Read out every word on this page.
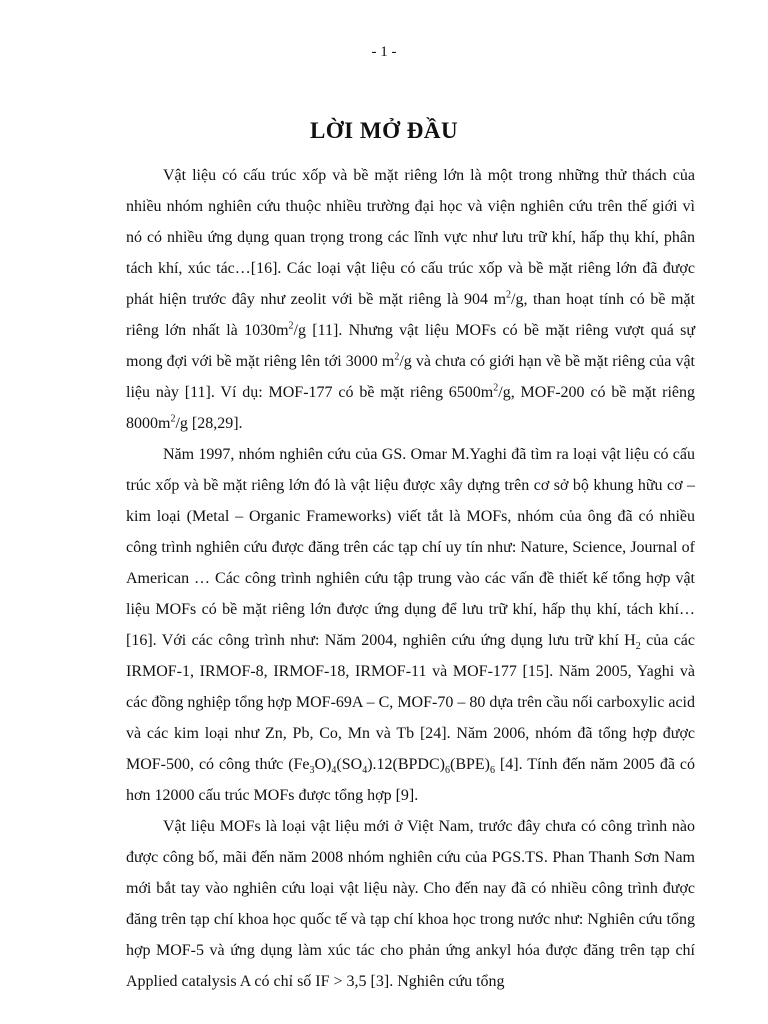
- 1 -
LỜI MỞ ĐẦU

Vật liệu có cấu trúc xốp và bề mặt riêng lớn là một trong những thử thách của nhiều nhóm nghiên cứu thuộc nhiều trường đại học và viện nghiên cứu trên thế giới vì nó có nhiều ứng dụng quan trọng trong các lĩnh vực như lưu trữ khí, hấp thụ khí, phân tách khí, xúc tác…[16]. Các loại vật liệu có cấu trúc xốp và bề mặt riêng lớn đã được phát hiện trước đây như zeolit với bề mặt riêng là 904 $m^2/g$, than hoạt tính có bề mặt riêng lớn nhất là $1030m^2/g$ [11]. Nhưng vật liệu MOFs có bề mặt riêng vượt quá sự mong đợi với bề mặt riêng lên tới 3000 $m^2/g$ và chưa có giới hạn về bề mặt riêng của vật liệu này [11]. Ví dụ: MOF-177 có bề mặt riêng $6500m^2/g$, MOF-200 có bề mặt riêng $8000m^2/g$ [28,29].

Năm 1997, nhóm nghiên cứu của GS. Omar M.Yaghi đã tìm ra loại vật liệu có cấu trúc xốp và bề mặt riêng lớn đó là vật liệu được xây dựng trên cơ sở bộ khung hữu cơ – kim loại (Metal – Organic Frameworks) viết tắt là MOFs, nhóm của ông đã có nhiều công trình nghiên cứu được đăng trên các tạp chí uy tín như: Nature, Science, Journal of American … Các công trình nghiên cứu tập trung vào các vấn đề thiết kế tổng hợp vật liệu MOFs có bề mặt riêng lớn được ứng dụng để lưu trữ khí, hấp thụ khí, tách khí… [16]. Với các công trình như: Năm 2004, nghiên cứu ứng dụng lưu trữ khí $H_2$ của các IRMOF-1, IRMOF-8, IRMOF-18, IRMOF-11 và MOF-177 [15]. Năm 2005, Yaghi và các đồng nghiệp tổng hợp MOF-69A – C, MOF-70 – 80 dựa trên cầu nối carboxylic acid và các kim loại như Zn, Pb, Co, Mn và Tb [24]. Năm 2006, nhóm đã tổng hợp được MOF-500, có công thức $(Fe_3O)_4(SO_4).12(BPDC)_6(BPE)_6$ [4]. Tính đến năm 2005 đã có hơn 12000 cấu trúc MOFs được tổng hợp [9].

Vật liệu MOFs là loại vật liệu mới ở Việt Nam, trước đây chưa có công trình nào được công bố, mãi đến năm 2008 nhóm nghiên cứu của PGS.TS. Phan Thanh Sơn Nam mới bắt tay vào nghiên cứu loại vật liệu này. Cho đến nay đã có nhiều công trình được đăng trên tạp chí khoa học quốc tế và tạp chí khoa học trong nước như: Nghiên cứu tổng hợp MOF-5 và ứng dụng làm xúc tác cho phản ứng ankyl hóa được đăng trên tạp chí Applied catalysis A có chỉ số IF > 3,5 [3]. Nghiên cứu tổng
